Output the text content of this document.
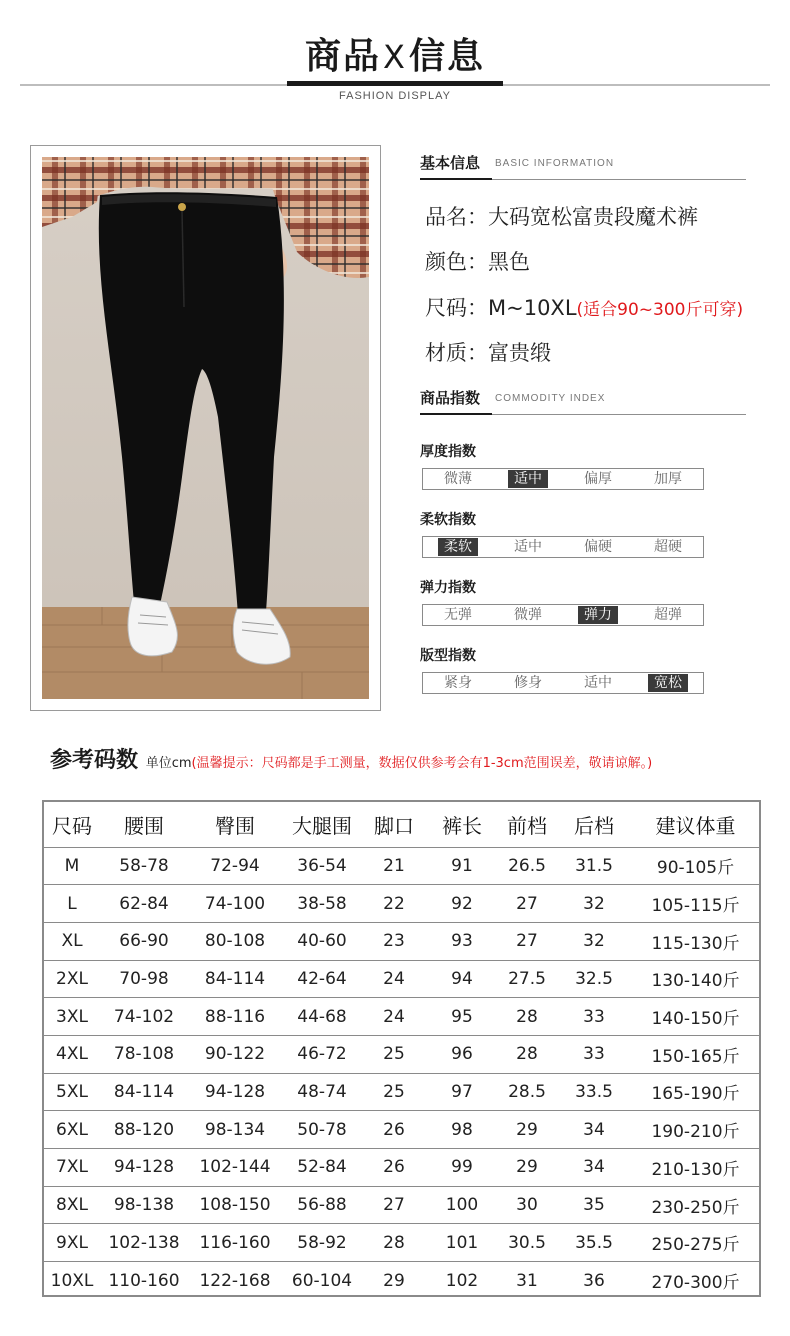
商品X信息
FASHION DISPLAY
基本信息 BASIC INFORMATION
品名：大码宽松富贵段魔术裤
颜色：黑色
尺码：M~10XL(适合90~300斤可穿)
材质：富贵缎
商品指数 COMMODITY INDEX
厚度指数
微薄	适中	偏厚	加厚
柔软指数
柔软	适中	偏硬	超硬
弹力指数
无弹	微弹	弹力	超弹
版型指数
紧身	修身	适中	宽松
参考码数 单位cm(温馨提示：尺码都是手工测量，数据仅供参考会有1-3cm范围误差，敬请谅解。)
尺码	腰围	臀围	大腿围	脚口	裤长	前档	后档	建议体重
M	58-78	72-94	36-54	21	91	26.5	31.5	90-105斤
L	62-84	74-100	38-58	22	92	27	32	105-115斤
XL	66-90	80-108	40-60	23	93	27	32	115-130斤
2XL	70-98	84-114	42-64	24	94	27.5	32.5	130-140斤
3XL	74-102	88-116	44-68	24	95	28	33	140-150斤
4XL	78-108	90-122	46-72	25	96	28	33	150-165斤
5XL	84-114	94-128	48-74	25	97	28.5	33.5	165-190斤
6XL	88-120	98-134	50-78	26	98	29	34	190-210斤
7XL	94-128	102-144	52-84	26	99	29	34	210-130斤
8XL	98-138	108-150	56-88	27	100	30	35	230-250斤
9XL	102-138	116-160	58-92	28	101	30.5	35.5	250-275斤
10XL	110-160	122-168	60-104	29	102	31	36	270-300斤
